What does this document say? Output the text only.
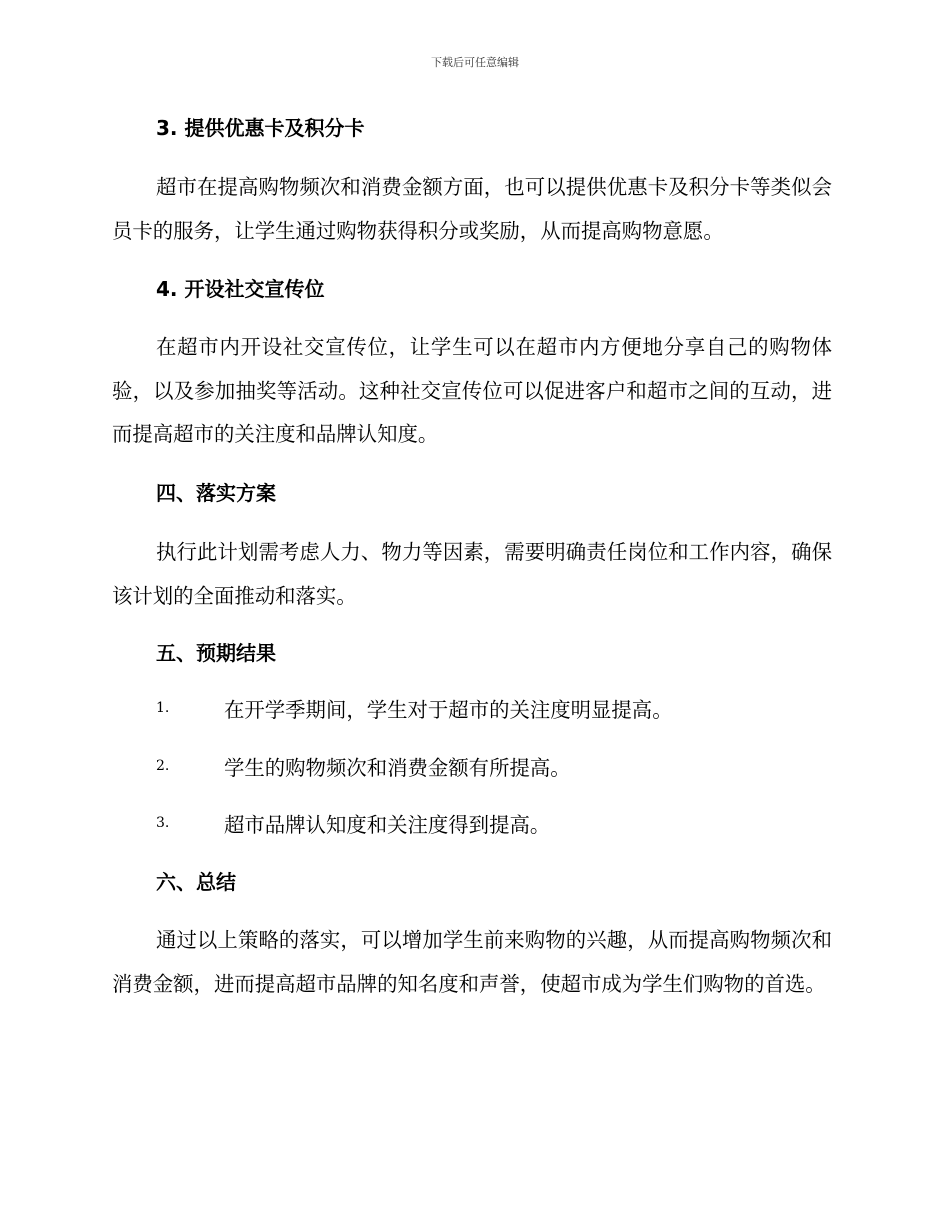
下载后可任意编辑
3. 提供优惠卡及积分卡
超市在提高购物频次和消费金额方面，也可以提供优惠卡及积分卡等类似会员卡的服务，让学生通过购物获得积分或奖励，从而提高购物意愿。
4. 开设社交宣传位
在超市内开设社交宣传位，让学生可以在超市内方便地分享自己的购物体验，以及参加抽奖等活动。这种社交宣传位可以促进客户和超市之间的互动，进而提高超市的关注度和品牌认知度。
四、落实方案
执行此计划需考虑人力、物力等因素，需要明确责任岗位和工作内容，确保该计划的全面推动和落实。
五、预期结果
1.	在开学季期间，学生对于超市的关注度明显提高。
2.	学生的购物频次和消费金额有所提高。
3.	超市品牌认知度和关注度得到提高。
六、总结
通过以上策略的落实，可以增加学生前来购物的兴趣，从而提高购物频次和消费金额，进而提高超市品牌的知名度和声誉，使超市成为学生们购物的首选。
